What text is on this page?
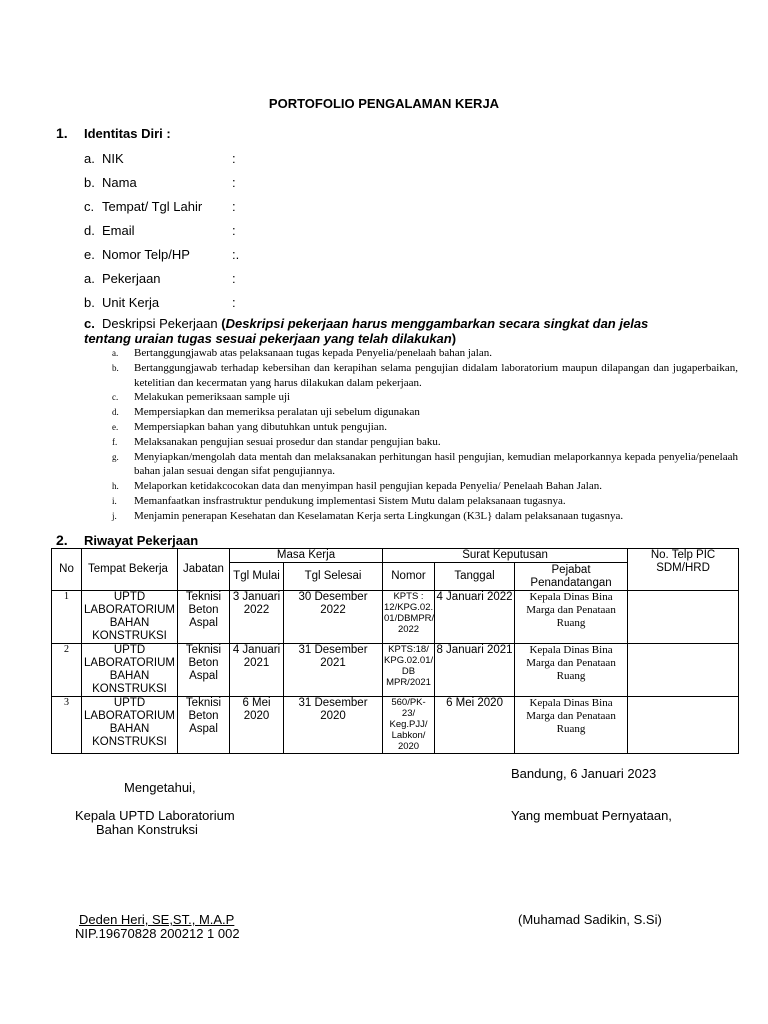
PORTOFOLIO PENGALAMAN KERJA
1. Identitas Diri :
a. NIK	:
b. Nama	:
c. Tempat/ Tgl Lahir :
d. Email	:
e. Nomor Telp/HP	:.
a. Pekerjaan	:
b. Unit Kerja	:
c. Deskripsi Pekerjaan (Deskripsi pekerjaan harus menggambarkan secara singkat dan jelas tentang uraian tugas sesuai pekerjaan yang telah dilakukan)
a. Bertanggungjawab atas pelaksanaan tugas kepada Penyelia/penelaah bahan jalan.
b. Bertanggungjawab terhadap kebersihan dan kerapihan selama pengujian didalam laboratorium maupun dilapangan dan jugaperbaikan, ketelitian dan kecermatan yang harus dilakukan dalam pekerjaan.
c. Melakukan pemeriksaan sample uji
d. Mempersiapkan dan memeriksa peralatan uji sebelum digunakan
e. Mempersiapkan bahan yang dibutuhkan untuk pengujian.
f. Melaksanakan pengujian sesuai prosedur dan standar pengujian baku.
g. Menyiapkan/mengolah data mentah dan melaksanakan perhitungan hasil pengujian, kemudian melaporkannya kepada penyelia/penelaah bahan jalan sesuai dengan sifat pengujiannya.
h. Melaporkan ketidakcocokan data dan menyimpan hasil pengujian kepada Penyelia/ Penelaah Bahan Jalan.
i. Memanfaatkan insfrastruktur pendukung implementasi Sistem Mutu dalam pelaksanaan tugasnya.
j. Menjamin penerapan Kesehatan dan Keselamatan Kerja serta Lingkungan (K3L} dalam pelaksanaan tugasnya.
2. Riwayat Pekerjaan
No	Tempat Bekerja	Jabatan	Masa Kerja		Surat Keputusan			No. Telp PIC SDM/HRD
			Tgl Mulai	Tgl Selesai	Nomor	Tanggal	Pejabat Penandatangan	
1	UPTD LABORATORIUM BAHAN KONSTRUKSI	Teknisi Beton Aspal	3 Januari 2022	30 Desember 2022	KPTS : 12/KPG.02. 01/DBMPR/ 2022	4 Januari 2022	Kepala Dinas Bina Marga dan Penataan Ruang	
2	UPTD LABORATORIUM BAHAN KONSTRUKSI	Teknisi Beton Aspal	4 Januari 2021	31 Desember 2021	KPTS:18/ KPG.02.01/ DB MPR/2021	8 Januari 2021	Kepala Dinas Bina Marga dan Penataan Ruang	
3	UPTD LABORATORIUM BAHAN KONSTRUKSI	Teknisi Beton Aspal	6 Mei 2020	31 Desember 2020	560/PK- 23/ Keg.PJJ/ Labkon/ 2020	6 Mei 2020	Kepala Dinas Bina Marga dan Penataan Ruang	
Bandung, 6 Januari 2023
Mengetahui,
Kepala UPTD Laboratorium
Bahan Konstruksi
Yang membuat Pernyataan,
Deden Heri, SE,ST., M.A.P
NIP.19670828 200212 1 002
(Muhamad Sadikin, S.Si)
